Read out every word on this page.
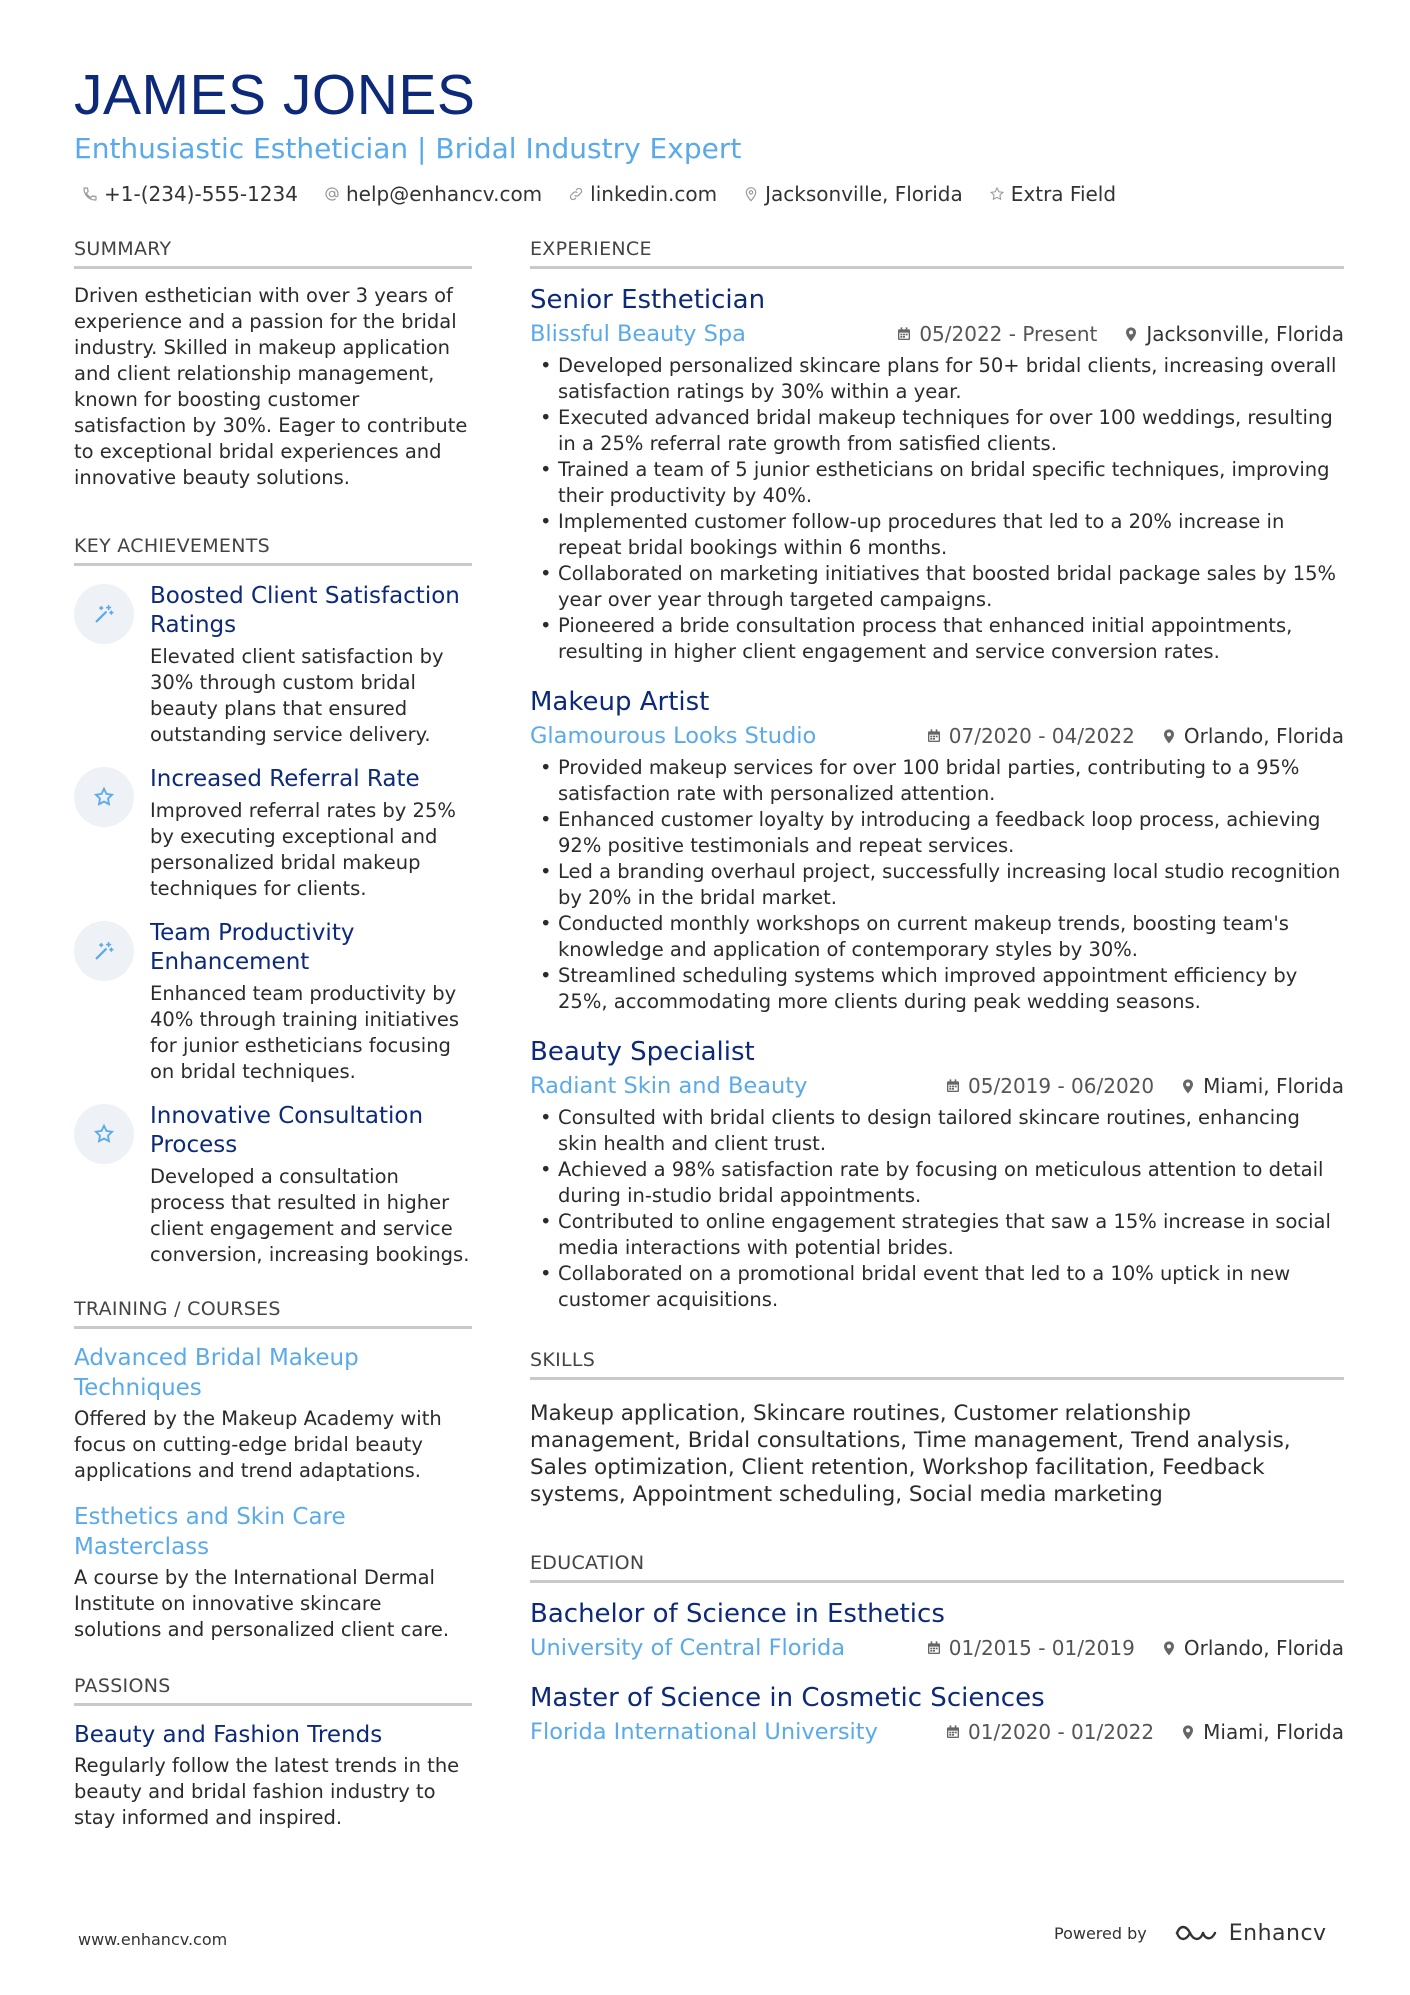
JAMES JONES
Enthusiastic Esthetician | Bridal Industry Expert
+1-(234)-555-1234 help@enhancv.com linkedin.com Jacksonville, Florida Extra Field
SUMMARY
Driven esthetician with over 3 years of experience and a passion for the bridal industry. Skilled in makeup application and client relationship management, known for boosting customer satisfaction by 30%. Eager to contribute to exceptional bridal experiences and innovative beauty solutions.
KEY ACHIEVEMENTS
Boosted Client Satisfaction Ratings
Elevated client satisfaction by 30% through custom bridal beauty plans that ensured outstanding service delivery.
Increased Referral Rate
Improved referral rates by 25% by executing exceptional and personalized bridal makeup techniques for clients.
Team Productivity Enhancement
Enhanced team productivity by 40% through training initiatives for junior estheticians focusing on bridal techniques.
Innovative Consultation Process
Developed a consultation process that resulted in higher client engagement and service conversion, increasing bookings.
TRAINING / COURSES
Advanced Bridal Makeup Techniques
Offered by the Makeup Academy with focus on cutting-edge bridal beauty applications and trend adaptations.
Esthetics and Skin Care Masterclass
A course by the International Dermal Institute on innovative skincare solutions and personalized client care.
PASSIONS
Beauty and Fashion Trends
Regularly follow the latest trends in the beauty and bridal fashion industry to stay informed and inspired.
EXPERIENCE
Senior Esthetician
Blissful Beauty Spa	05/2022 - Present Jacksonville, Florida
• Developed personalized skincare plans for 50+ bridal clients, increasing overall satisfaction ratings by 30% within a year.
• Executed advanced bridal makeup techniques for over 100 weddings, resulting in a 25% referral rate growth from satisfied clients.
• Trained a team of 5 junior estheticians on bridal specific techniques, improving their productivity by 40%.
• Implemented customer follow-up procedures that led to a 20% increase in repeat bridal bookings within 6 months.
• Collaborated on marketing initiatives that boosted bridal package sales by 15% year over year through targeted campaigns.
• Pioneered a bride consultation process that enhanced initial appointments, resulting in higher client engagement and service conversion rates.
Makeup Artist
Glamourous Looks Studio	07/2020 - 04/2022 Orlando, Florida
• Provided makeup services for over 100 bridal parties, contributing to a 95% satisfaction rate with personalized attention.
• Enhanced customer loyalty by introducing a feedback loop process, achieving 92% positive testimonials and repeat services.
• Led a branding overhaul project, successfully increasing local studio recognition by 20% in the bridal market.
• Conducted monthly workshops on current makeup trends, boosting team's knowledge and application of contemporary styles by 30%.
• Streamlined scheduling systems which improved appointment efficiency by 25%, accommodating more clients during peak wedding seasons.
Beauty Specialist
Radiant Skin and Beauty	05/2019 - 06/2020 Miami, Florida
• Consulted with bridal clients to design tailored skincare routines, enhancing skin health and client trust.
• Achieved a 98% satisfaction rate by focusing on meticulous attention to detail during in-studio bridal appointments.
• Contributed to online engagement strategies that saw a 15% increase in social media interactions with potential brides.
• Collaborated on a promotional bridal event that led to a 10% uptick in new customer acquisitions.
SKILLS
Makeup application, Skincare routines, Customer relationship management, Bridal consultations, Time management, Trend analysis, Sales optimization, Client retention, Workshop facilitation, Feedback systems, Appointment scheduling, Social media marketing
EDUCATION
Bachelor of Science in Esthetics
University of Central Florida	01/2015 - 01/2019 Orlando, Florida
Master of Science in Cosmetic Sciences
Florida International University	01/2020 - 01/2022 Miami, Florida
www.enhancv.com	Powered by	Enhancv
